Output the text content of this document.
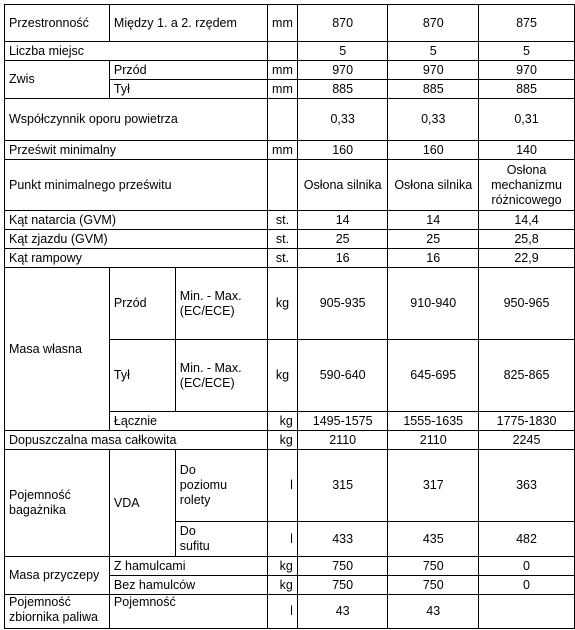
Przestronność	Między 1. a 2. rzędem		mm	870	870	875
Liczba miejsc				5	5	5
Zwis	Przód		mm	970	970	970
	Tył		mm	885	885	885
Współczynnik oporu powietrza				0,33	0,33	0,31
Prześwit minimalny			mm	160	160	140
Punkt minimalnego prześwitu				Osłona silnika	Osłona silnika	Osłona mechanizmu różnicowego
Kąt natarcia (GVM)			st.	14	14	14,4
Kąt zjazdu (GVM)			st.	25	25	25,8
Kąt rampowy			st.	16	16	22,9
Masa własna	Przód	Min. - Max. (EC/ECE)	kg	905-935	910-940	950-965
	Tył	Min. - Max. (EC/ECE)	kg	590-640	645-695	825-865
	Łącznie		kg	1495-1575	1555-1635	1775-1830
Dopuszczalna masa całkowita			kg	2110	2110	2245
Pojemność bagażnika	VDA	Do poziomu rolety	l	315	317	363
		Do sufitu	l	433	435	482
Masa przyczepy	Z hamulcami		kg	750	750	0
	Bez hamulców		kg	750	750	0
Pojemność zbiornika paliwa	Pojemność		l	43	43	
